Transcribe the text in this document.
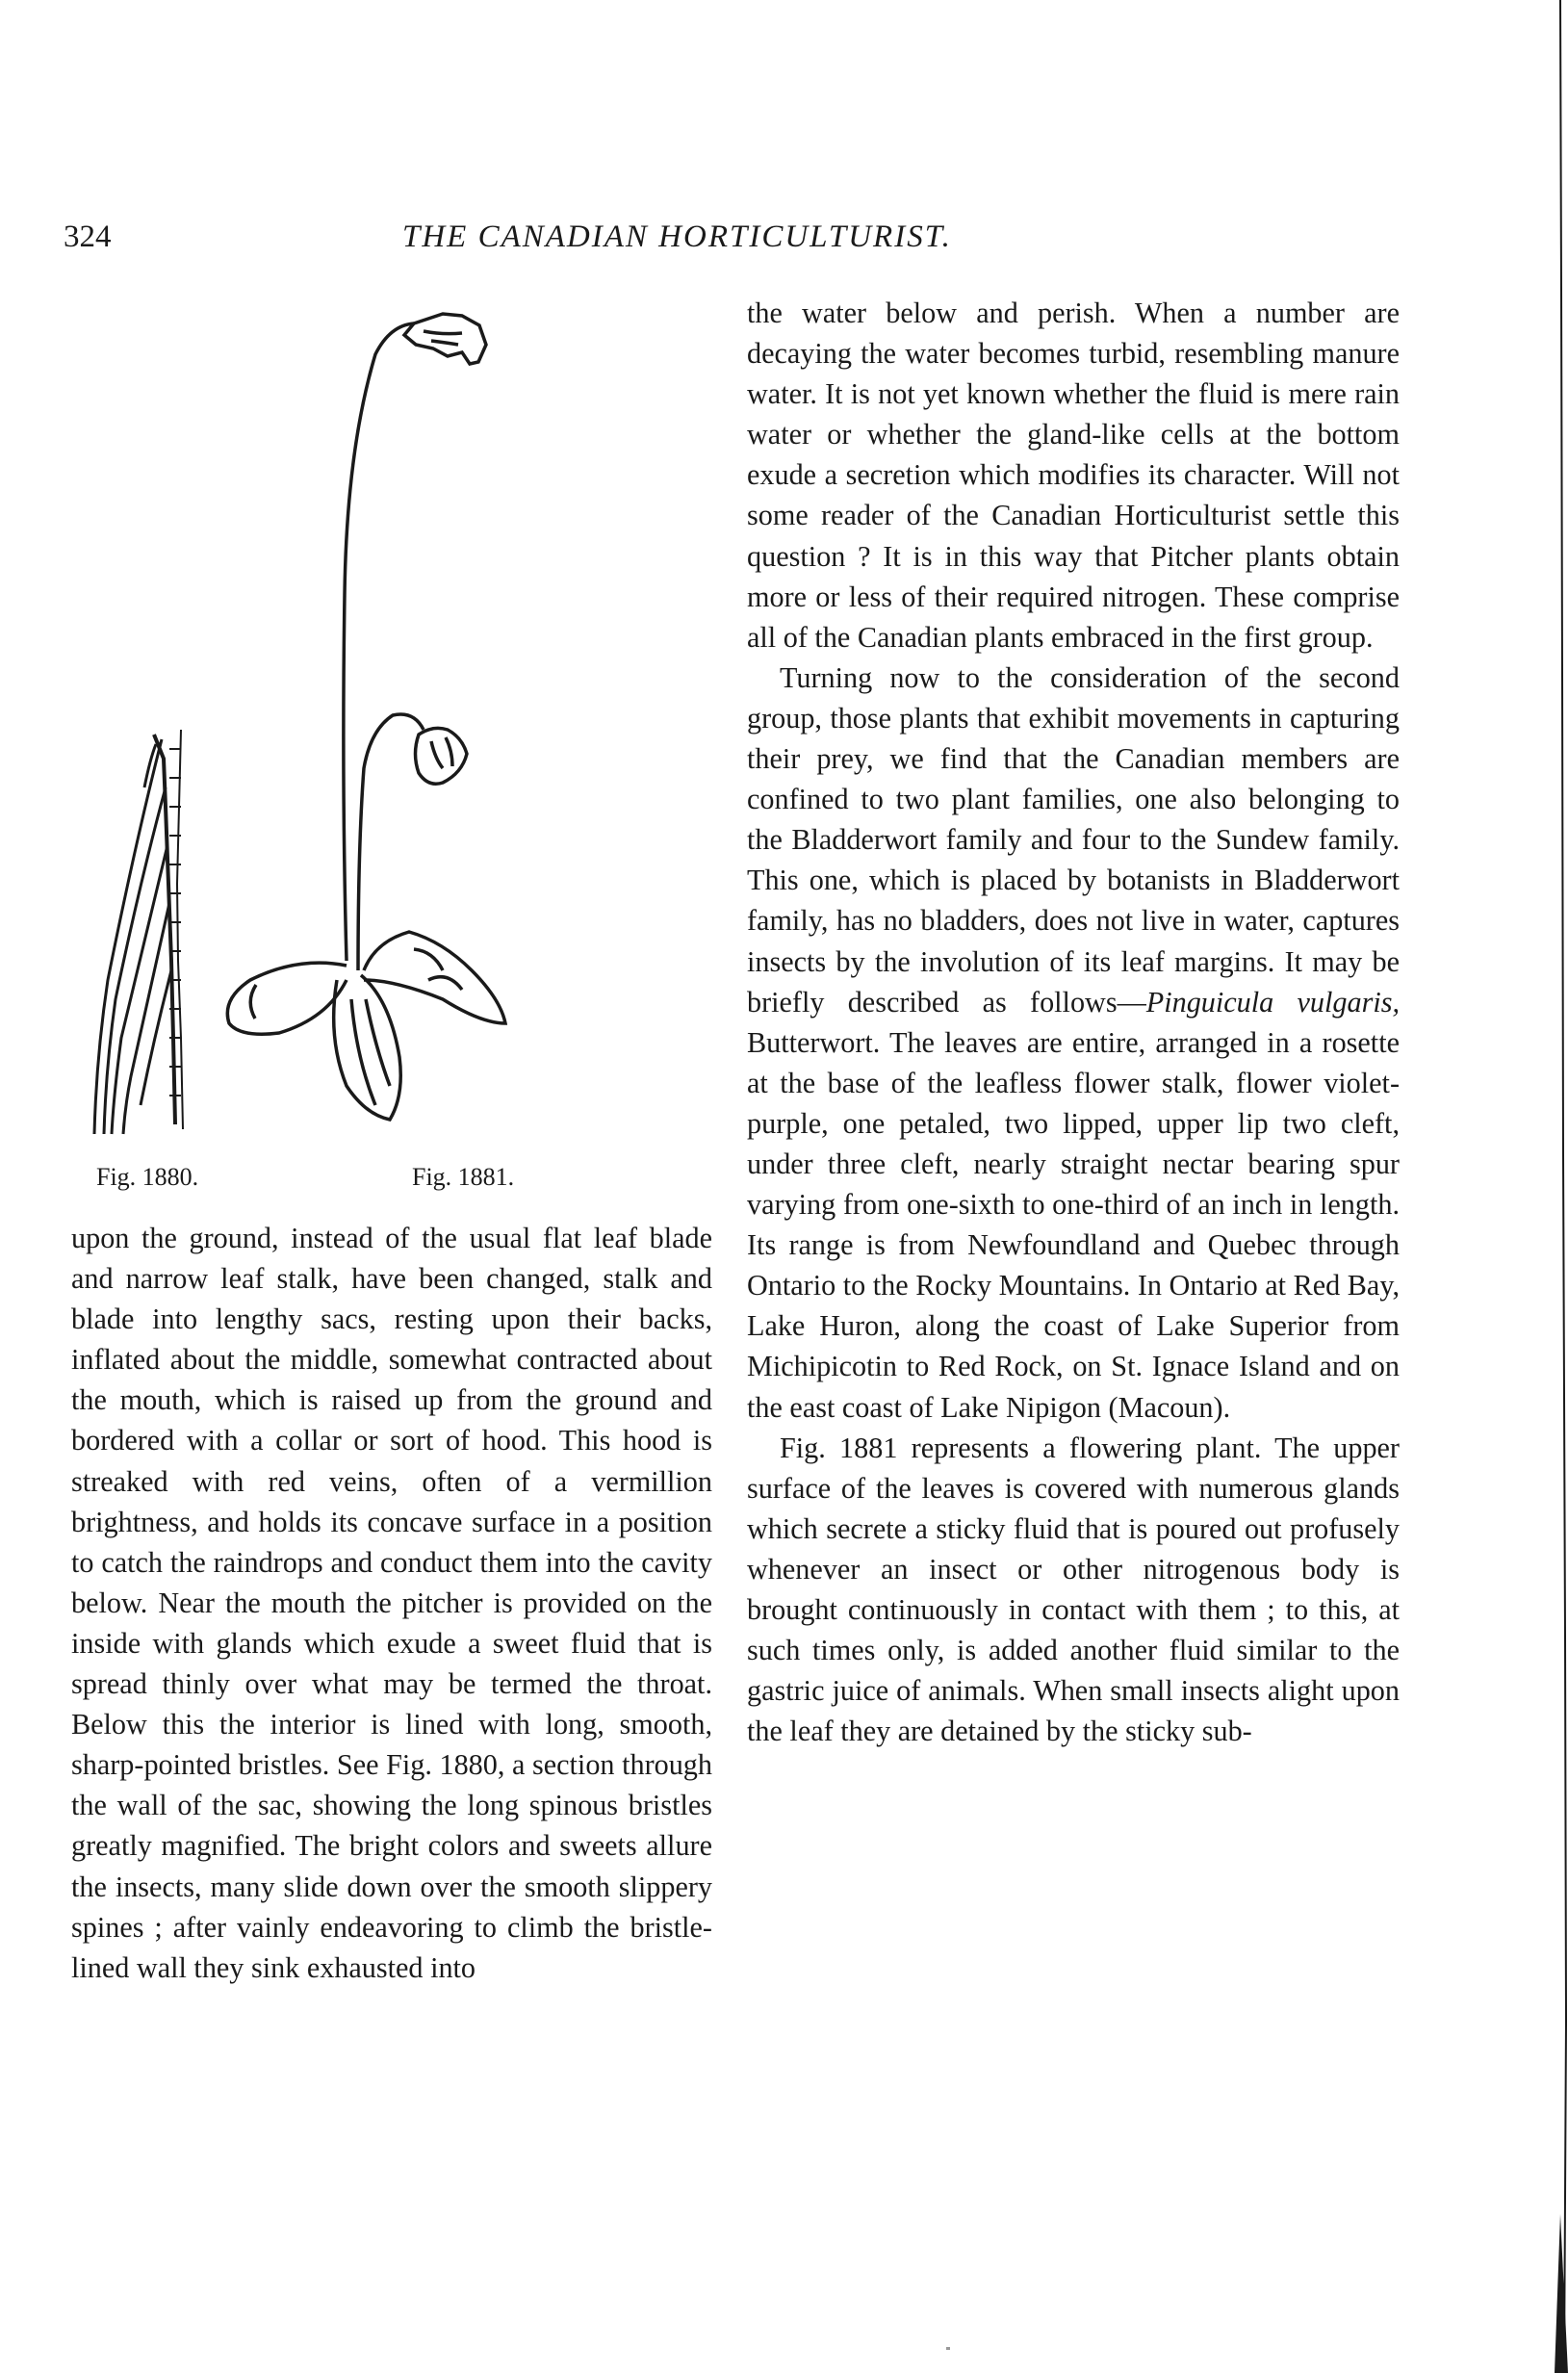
324	THE CANADIAN HORTICULTURIST.
Fig. 1880.	Fig. 1881.

upon the ground, instead of the usual flat leaf blade and narrow leaf stalk, have been changed, stalk and blade into lengthy sacs, resting upon their backs, inflated about the middle, somewhat contracted about the mouth, which is raised up from the ground and bordered with a collar or sort of hood. This hood is streaked with red veins, often of a vermillion brightness, and holds its concave surface in a position to catch the raindrops and conduct them into the cavity below. Near the mouth the pitcher is provided on the inside with glands which exude a sweet fluid that is spread thinly over what may be termed the throat. Below this the interior is lined with long, smooth, sharp-pointed bristles. See Fig. 1880, a section through the wall of the sac, showing the long spinous bristles greatly magnified. The bright colors and sweets allure the insects, many slide down over the smooth slippery spines ; after vainly endeavoring to climb the bristle-lined wall they sink exhausted into

the water below and perish. When a number are decaying the water becomes turbid, resembling manure water. It is not yet known whether the fluid is mere rain water or whether the gland-like cells at the bottom exude a secretion which modifies its character. Will not some reader of the Canadian Horticulturist settle this question ? It is in this way that Pitcher plants obtain more or less of their required nitrogen. These comprise all of the Canadian plants embraced in the first group.

Turning now to the consideration of the second group, those plants that exhibit movements in capturing their prey, we find that the Canadian members are confined to two plant families, one also belonging to the Bladderwort family and four to the Sundew family. This one, which is placed by botanists in Bladderwort family, has no bladders, does not live in water, captures insects by the involution of its leaf margins. It may be briefly described as follows—Pinguicula vulgaris, Butterwort. The leaves are entire, arranged in a rosette at the base of the leafless flower stalk, flower violet-purple, one petaled, two lipped, upper lip two cleft, under three cleft, nearly straight nectar bearing spur varying from one-sixth to one-third of an inch in length. Its range is from Newfoundland and Quebec through Ontario to the Rocky Mountains. In Ontario at Red Bay, Lake Huron, along the coast of Lake Superior from Michipicotin to Red Rock, on St. Ignace Island and on the east coast of Lake Nipigon (Macoun).

Fig. 1881 represents a flowering plant. The upper surface of the leaves is covered with numerous glands which secrete a sticky fluid that is poured out profusely whenever an insect or other nitrogenous body is brought continuously in contact with them ; to this, at such times only, is added another fluid similar to the gastric juice of animals. When small insects alight upon the leaf they are detained by the sticky sub-
